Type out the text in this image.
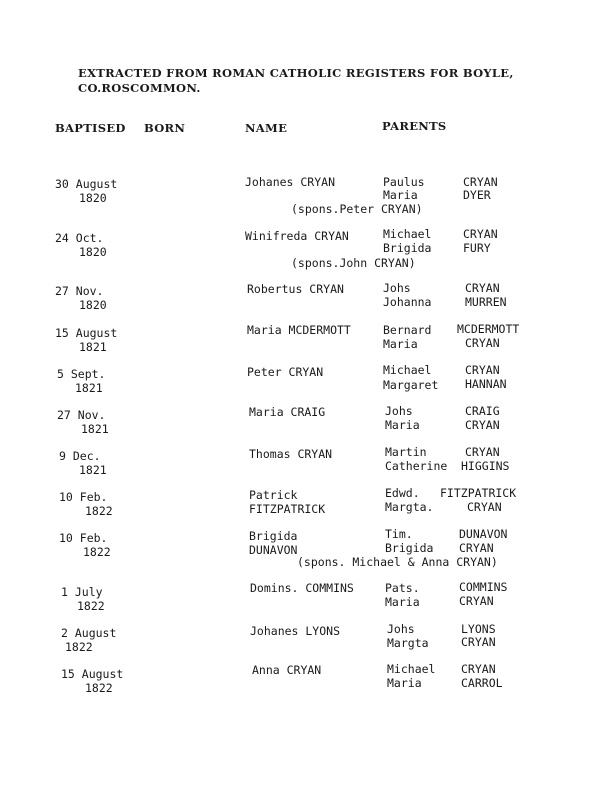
EXTRACTED FROM ROMAN CATHOLIC REGISTERS FOR BOYLE,
CO.ROSCOMMON.
BAPTISED BORN	NAME	PARENTS
30 August
1820
Johanes CRYAN	Paulus	CRYAN
Maria	DYER
(spons.Peter CRYAN)
24 Oct.
1820
Winifreda CRYAN	Michael	CRYAN
Brigida	FURY
(spons.John CRYAN)
27 Nov.
1820
Robertus CRYAN	Johs	CRYAN
Johanna	MURREN
15 August
1821
Maria MCDERMOTT	Bernard MCDERMOTT
Maria	CRYAN
5 Sept.
1821
Peter CRYAN	Michael	CRYAN
Margaret HANNAN
27 Nov.
1821
Maria CRAIG	Johs	CRAIG
Maria	CRYAN
9 Dec.
1821
Thomas CRYAN	Martin	CRYAN
Catherine HIGGINS
10 Feb.
1822
Patrick
FITZPATRICK
Edwd. FITZPATRICK
Margta.	CRYAN
10 Feb.
1822
Brigida
DUNAVON
Tim.	DUNAVON
Brigida CRYAN
(spons. Michael & Anna CRYAN)
1 July
1822
Domins. COMMINS	Pats.	COMMINS
Maria	CRYAN
2 August
1822
Johanes LYONS	Johs	LYONS
Margta	CRYAN
15 August
1822
Anna CRYAN	Michael CRYAN
Maria	CARROL
